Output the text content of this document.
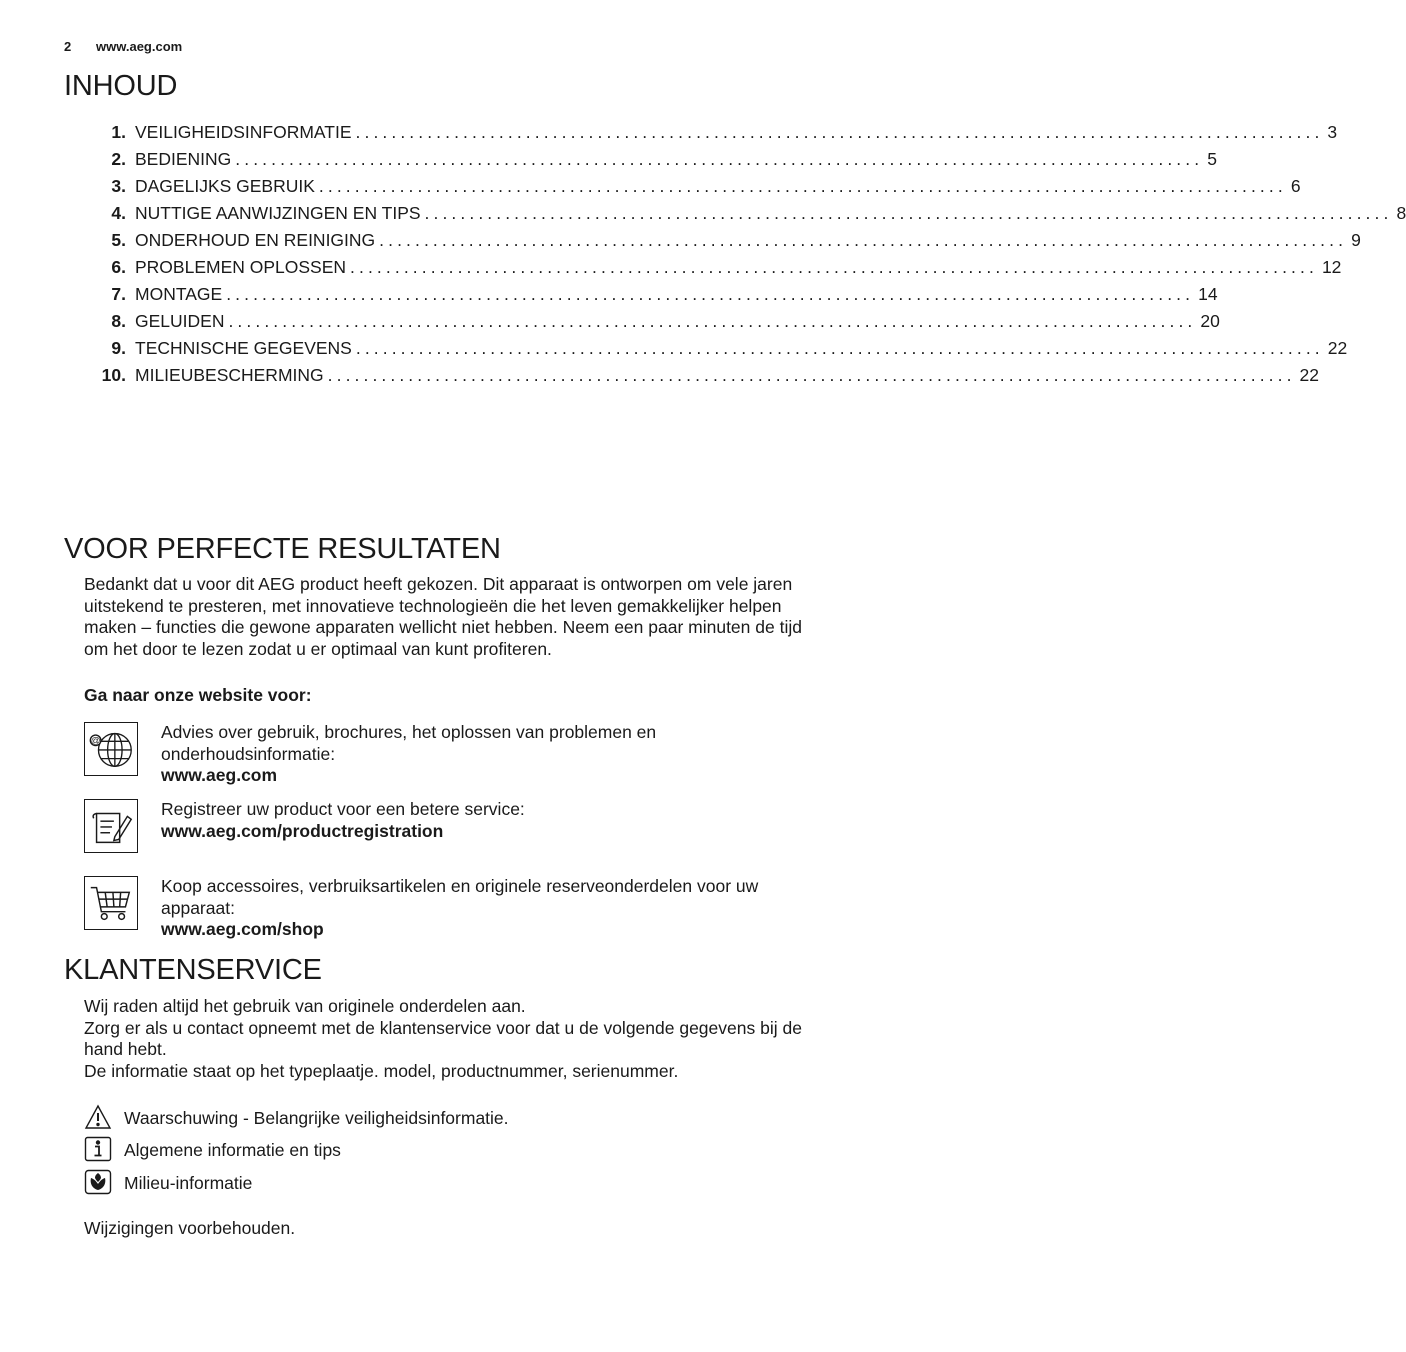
2 www.aeg.com
INHOUD
1. VEILIGHEIDSINFORMATIE ............................................................................................................ 3
2. BEDIENING ............................................................................................................ 5
3. DAGELIJKS GEBRUIK ............................................................................................................ 6
4. NUTTIGE AANWIJZINGEN EN TIPS ............................................................................................................ 8
5. ONDERHOUD EN REINIGING ............................................................................................................ 9
6. PROBLEMEN OPLOSSEN ............................................................................................................ 12
7. MONTAGE ............................................................................................................ 14
8. GELUIDEN ............................................................................................................ 20
9. TECHNISCHE GEGEVENS ............................................................................................................ 22
10. MILIEUBESCHERMING ............................................................................................................ 22
VOOR PERFECTE RESULTATEN
Bedankt dat u voor dit AEG product heeft gekozen. Dit apparaat is ontworpen om vele jaren
uitstekend te presteren, met innovatieve technologieën die het leven gemakkelijker helpen
maken – functies die gewone apparaten wellicht niet hebben. Neem een paar minuten de tijd
om het door te lezen zodat u er optimaal van kunt profiteren.
Ga naar onze website voor:
@	Advies over gebruik, brochures, het oplossen van problemen en
onderhoudsinformatie:
www.aeg.com
Registreer uw product voor een betere service:
www.aeg.com/productregistration
Koop accessoires, verbruiksartikelen en originele reserveonderdelen voor uw
apparaat:
www.aeg.com/shop
KLANTENSERVICE
Wij raden altijd het gebruik van originele onderdelen aan.
Zorg er als u contact opneemt met de klantenservice voor dat u de volgende gegevens bij de
hand hebt.
De informatie staat op het typeplaatje. model, productnummer, serienummer.
Waarschuwing - Belangrijke veiligheidsinformatie.
Algemene informatie en tips
Milieu-informatie
Wijzigingen voorbehouden.
